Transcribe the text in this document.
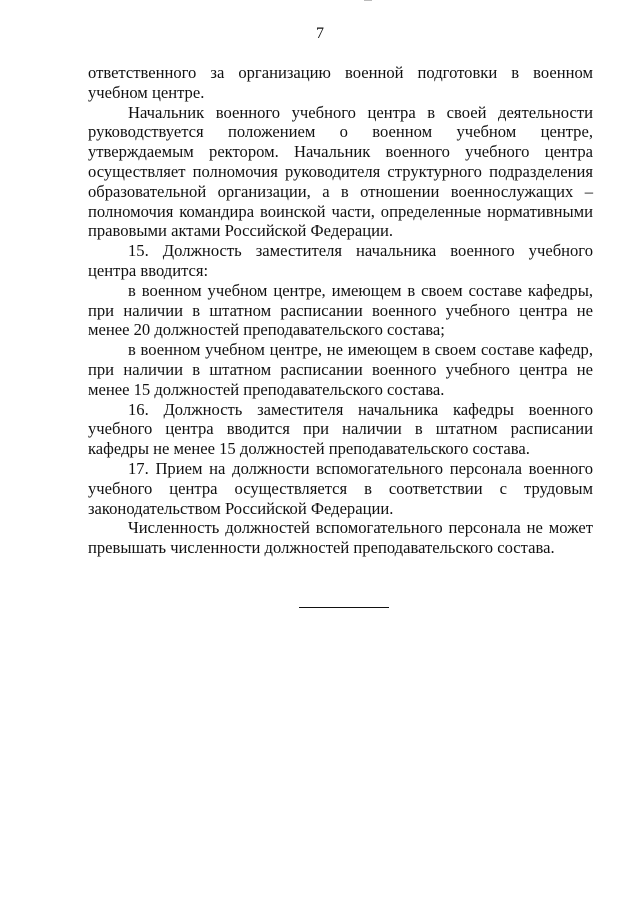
7

ответственного за организацию военной подготовки в военном учебном центре.

Начальник военного учебного центра в своей деятельности руководствуется положением о военном учебном центре, утверждаемым ректором. Начальник военного учебного центра осуществляет полномочия руководителя структурного подразделения образовательной организации, а в отношении военнослужащих – полномочия командира воинской части, определенные нормативными правовыми актами Российской Федерации.

15. Должность заместителя начальника военного учебного центра вводится:

в военном учебном центре, имеющем в своем составе кафедры, при наличии в штатном расписании военного учебного центра не менее 20 должностей преподавательского состава;

в военном учебном центре, не имеющем в своем составе кафедр, при наличии в штатном расписании военного учебного центра не менее 15 должностей преподавательского состава.

16. Должность заместителя начальника кафедры военного учебного центра вводится при наличии в штатном расписании кафедры не менее 15 должностей преподавательского состава.

17. Прием на должности вспомогательного персонала военного учебного центра осуществляется в соответствии с трудовым законодательством Российской Федерации.

Численность должностей вспомогательного персонала не может превышать численности должностей преподавательского состава.
